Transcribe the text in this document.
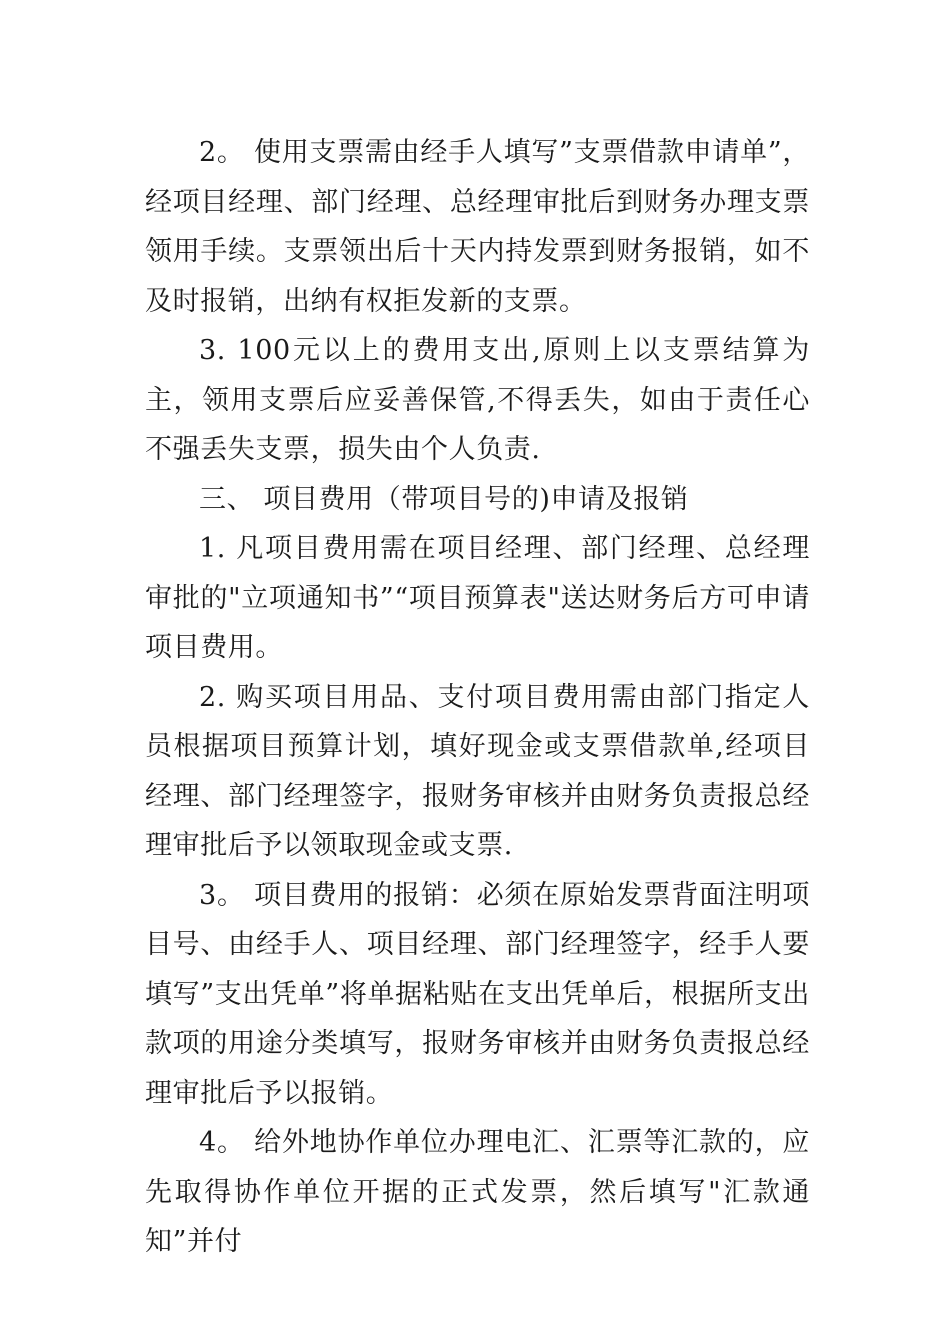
2。 使用支票需由经手人填写”支票借款申请单”，经项目经理、部门经理、总经理审批后到财务办理支票领用手续。支票领出后十天内持发票到财务报销，如不及时报销，出纳有权拒发新的支票。

3. 100元以上的费用支出,原则上以支票结算为主，领用支票后应妥善保管,不得丢失，如由于责任心不强丢失支票，损失由个人负责.

三、 项目费用（带项目号的)申请及报销

1. 凡项目费用需在项目经理、部门经理、总经理审批的"立项通知书”“项目预算表"送达财务后方可申请项目费用。

2. 购买项目用品、支付项目费用需由部门指定人员根据项目预算计划，填好现金或支票借款单,经项目经理、部门经理签字，报财务审核并由财务负责报总经理审批后予以领取现金或支票.

3。 项目费用的报销：必须在原始发票背面注明项目号、由经手人、项目经理、部门经理签字，经手人要填写”支出凭单”将单据粘贴在支出凭单后，根据所支出款项的用途分类填写，报财务审核并由财务负责报总经理审批后予以报销。

4。 给外地协作单位办理电汇、汇票等汇款的，应先取得协作单位开据的正式发票，然后填写"汇款通知”并付
